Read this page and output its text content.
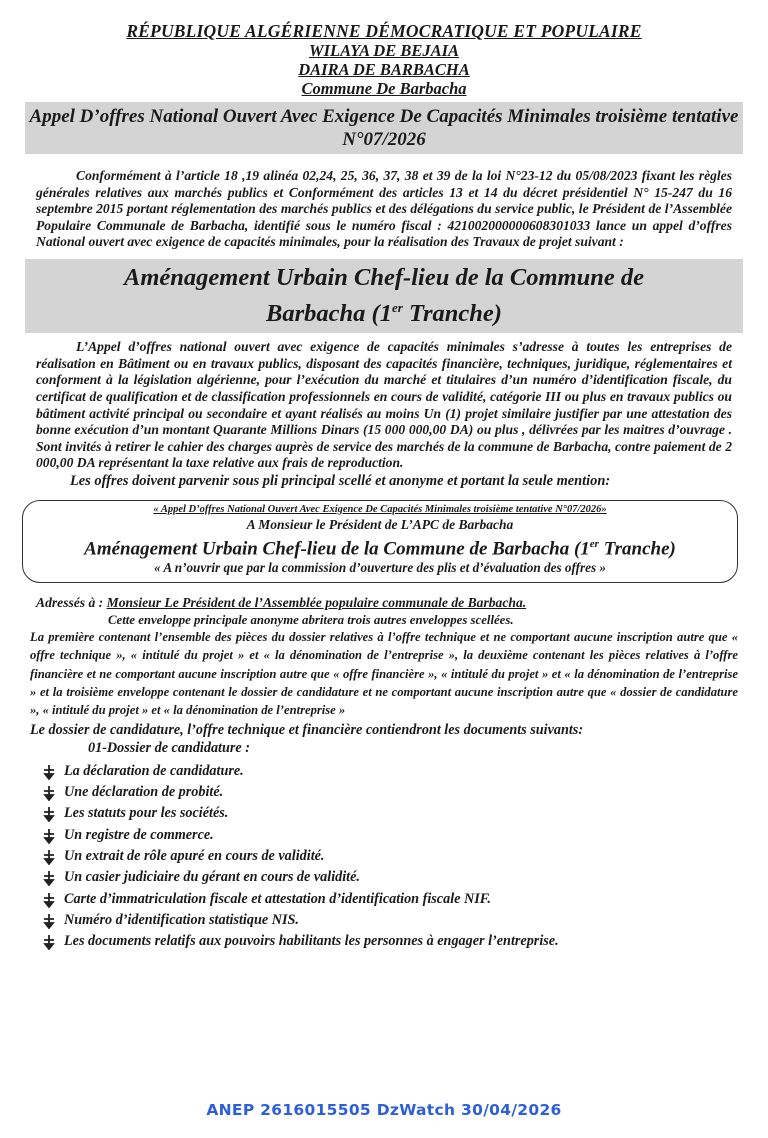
RÉPUBLIQUE ALGÉRIENNE DÉMOCRATIQUE ET POPULAIRE
WILAYA DE BEJAIA
DAIRA DE BARBACHA
Commune De Barbacha
Appel D’offres National Ouvert Avec Exigence De Capacités Minimales troisième tentative N°07/2026
Conformément à l’article 18 ,19 alinéa 02,24, 25, 36, 37, 38 et 39 de la loi N°23-12 du 05/08/2023 fixant les règles générales relatives aux marchés publics et Conformément des articles 13 et 14 du décret présidentiel N° 15-247 du 16 septembre 2015 portant réglementation des marchés publics et des délégations du service public, le Président de l’Assemblée Populaire Communale de Barbacha, identifié sous le numéro fiscal : 421002000000608301033 lance un appel d’offres National ouvert avec exigence de capacités minimales, pour la réalisation des Travaux de projet suivant :
Aménagement Urbain Chef-lieu de la Commune de
Barbacha (1er Tranche)
L’Appel d’offres national ouvert avec exigence de capacités minimales s’adresse à toutes les entreprises de réalisation en Bâtiment ou en travaux publics, disposant des capacités financière, techniques, juridique, réglementaires et conforment à la législation algérienne, pour l’exécution du marché et titulaires d’un numéro d’identification fiscale, du certificat de qualification et de classification professionnels en cours de validité, catégorie III ou plus en travaux publics ou bâtiment activité principal ou secondaire et ayant réalisés au moins Un (1) projet similaire justifier par une attestation des bonne exécution d’un montant Quarante Millions Dinars (15 000 000,00 DA) ou plus , délivrées par les maitres d’ouvrage . Sont invités à retirer le cahier des charges auprès de service des marchés de la commune de Barbacha, contre paiement de 2 000,00 DA représentant la taxe relative aux frais de reproduction.
Les offres doivent parvenir sous pli principal scellé et anonyme et portant la seule mention:
« Appel D’offres National Ouvert Avec Exigence De Capacités Minimales troisième tentative N°07/2026»
A Monsieur le Président de L’APC de Barbacha
Aménagement Urbain Chef-lieu de la Commune de Barbacha (1er Tranche)
« A n’ouvrir que par la commission d’ouverture des plis et d’évaluation des offres »
Adressés à : Monsieur Le Président de l’Assemblée populaire communale de Barbacha.
Cette enveloppe principale anonyme abritera trois autres enveloppes scellées.
La première contenant l’ensemble des pièces du dossier relatives à l’offre technique et ne comportant aucune inscription autre que « offre technique », « intitulé du projet » et « la dénomination de l’entreprise », la deuxième contenant les pièces relatives à l’offre financière et ne comportant aucune inscription autre que « offre financière », « intitulé du projet » et « la dénomination de l’entreprise » et la troisième enveloppe contenant le dossier de candidature et ne comportant aucune inscription autre que « dossier de candidature », « intitulé du projet » et « la dénomination de l’entreprise »
Le dossier de candidature, l’offre technique et financière contiendront les documents suivants:
01-Dossier de candidature :
La déclaration de candidature.
Une déclaration de probité.
Les statuts pour les sociétés.
Un registre de commerce.
Un extrait de rôle apuré en cours de validité.
Un casier judiciaire du gérant en cours de validité.
Carte d’immatriculation fiscale et attestation d’identification fiscale NIF.
Numéro d’identification statistique NIS.
Les documents relatifs aux pouvoirs habilitants les personnes à engager l’entreprise.
ANEP 2616015505 DzWatch 30/04/2026
